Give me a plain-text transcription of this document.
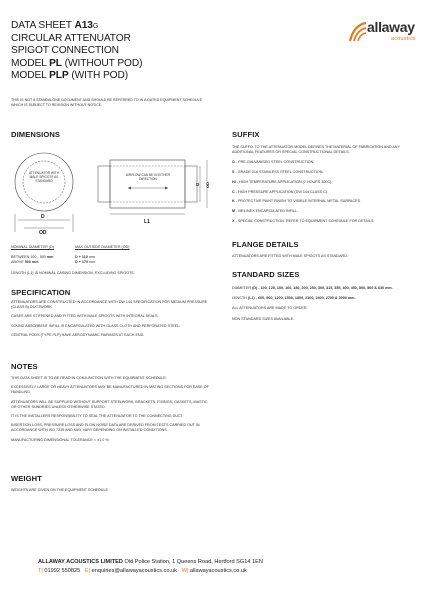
DATA SHEET A13G
CIRCULAR ATTENUATOR
SPIGOT CONNECTION
MODEL PL (WITHOUT POD)
MODEL PLP (WITH POD)
THIS IS NOT A STANDALONE DOCUMENT AND SHOULD BE REFERRED TO IN A DATED EQUIPMENT SCHEDULE WHICH IS SUBJECT TO REVISION WITHOUT NOTICE.
allaway
acoustics
DIMENSIONS
ATTENUATOR WITH MALE SPIGOTS AS STANDARD
D
OD
AIRFLOW CAN BE IN EITHER DIRECTION
D OD
L1
NOMINAL DIAMETER (D)	MAX OUTSIDE DIAMETER (OD)
BETWEEN 100 - 500 mm	D + 110 mm
ABOVE 500 mm	D + 170 mm
LENGTH (L1) IS NOMINAL CASING DIMENSION, EXCLUDING SPIGOTS.
SPECIFICATION
ATTENUATORS ARE CONSTRUCTED IN ACCORDANCE WITH DW 144 SPECIFICATION FOR MEDIUM PRESSURE (CLASS B) DUCTWORK.
CASES ARE STIFFENED AND FITTED WITH MALE SPIGOTS WITH INTEGRAL SEALS.
SOUND ABSORBENT INFILL IS ENCAPSULATED WITH GLASS CLOTH AND PERFORATED STEEL.
CENTRAL PODS (TYPE PLP) HAVE AERODYNAMIC FAIRINGS AT EACH END.
NOTES
THIS DATA SHEET IS TO BE READ IN CONJUNCTION WITH THE EQUIPMENT SCHEDULE.
EXCESSIVELY LARGE OR HEAVY ATTENUATORS MAY BE MANUFACTURED IN MATING SECTIONS FOR EASE OF HANDLING.
ATTENUATORS WILL BE SUPPLIED WITHOUT SUPPORT STEELWORK, BRACKETS, FIXINGS, GASKETS, MASTIC OR OTHER SUNDRIES UNLESS OTHERWISE STATED.
IT IS THE INSTALLERS RESPONSIBILITY TO SEAL THE ATTENUATOR TO THE CONNECTING DUCT.
INSERTION LOSS, PRESSURE LOSS AND FLOW NOISE DATA ARE DERIVED FROM TESTS CARRIED OUT IN ACCORDANCE WITH ISO 7235 AND MAY VARY DEPENDING ON INSTALLED CONDITIONS.
MANUFACTURING DIMENSIONAL TOLERANCE = ±1.0 %.
WEIGHT
WEIGHTS ARE GIVEN ON THE EQUIPMENT SCHEDULE.
SUFFIX
THE SUFFIX TO THE ATTENUATOR MODEL DEFINES THE MATERIAL OF FABRICATION AND ANY ADDITIONAL FEATURES OR SPECIAL CONSTRUCTIONAL DETAILS.
G - PRE-GALVANISED STEEL CONSTRUCTION.
S - GRADE 316 STAINLESS STEEL CONSTRUCTION.
HI - HIGH TEMPERATURE APPLICATION (2 HOURS 300C).
C - HIGH PRESSURE APPLICATION (DW 144 CLASS C).
K - PROTECTIVE PAINT FINISH TO VISIBLE INTERNAL METAL SURFACES.
M - MELINEX ENCAPSULATED INFILL.
X - SPECIAL CONSTRUCTION. REFER TO EQUIPMENT SCHEDULE FOR DETAILS.
FLANGE DETAILS
ATTENUATORS ARE FITTED WITH MALE SPIGOTS AS STANDARD.
STANDARD SIZES
DIAMETER (D) - 100, 125, 150, 160, 180, 200, 250, 300, 315, 355, 400, 450, 500, 560 & 630 mm.
LENGTH (L1) - 600, 900, 1200, 1500, 1800, 2100, 2400, 2700 & 3000 mm.
ALL ATTENUATORS ARE MADE TO ORDER.
NON STANDARD SIZES AVAILABLE.
ALLAWAY ACOUSTICS LIMITED Old Police Station, 1 Queens Road, Hertford SG14 1EN
T| 01992 550825 E| enquiries@allawayacoustics.co.uk W| allawayacoustics.co.uk
